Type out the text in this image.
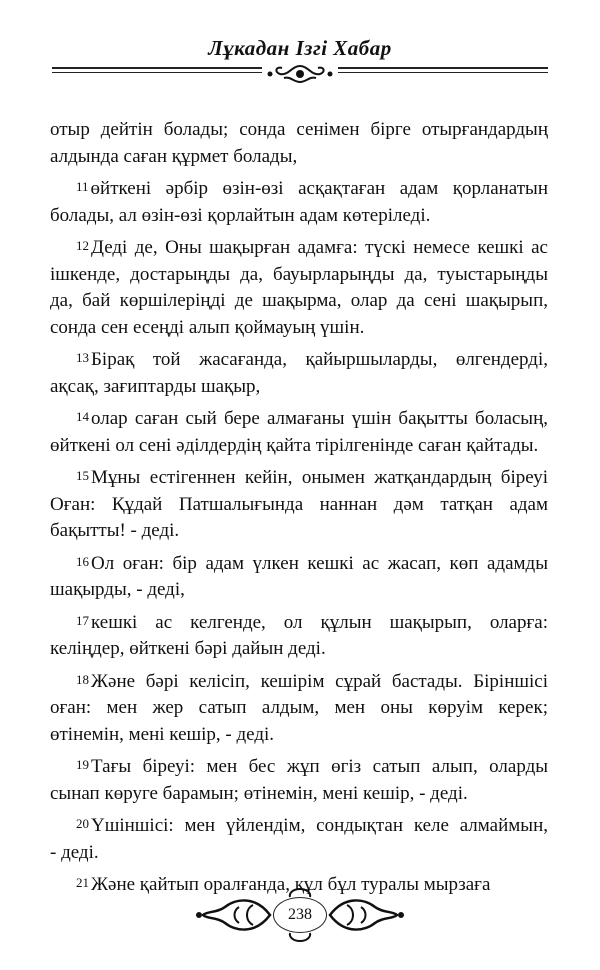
Лұкадан Ізгі Хабар
отыр дейтін болады; сонда сенімен бірге отырғандардың
алдында саған құрмет болады,
$^{11}$ өйткені әрбір өзін-өзі асқақтаған адам қорланатын
болады, ал өзін-өзі қорлайтын адам көтеріледі.
$^{12}$ Деді де, Оны шақырған адамға: түскі немесе кешкі ас
ішкенде, достарыңды да, бауырларыңды да, туыстарыңды
да, бай көршілеріңді де шақырма, олар да сені шақырып,
сонда сен есеңді алып қоймауың үшін.
$^{13}$ Бірақ той жасағанда, қайыршыларды, өлгендерді,
ақсақ, зағиптарды шақыр,
$^{14}$ олар саған сый бере алмағаны үшін бақытты боласың,
өйткені ол сені әділдердің қайта тірілгенінде саған қайтады.
$^{15}$ Мұны естігеннен кейін, онымен жатқандардың біреуі
Оған: Құдай Патшалығында наннан дәм татқан адам
бақытты! - деді.
$^{16}$ Ол оған: бір адам үлкен кешкі ас жасап, көп адамды
шақырды, - деді,
$^{17}$ кешкі ас келгенде, ол құлын шақырып, оларға:
келіңдер, өйткені бәрі дайын деді.
$^{18}$ Және бәрі келісіп, кешірім сұрай бастады. Біріншісі
оған: мен жер сатып алдым, мен оны көруім керек;
өтінемін, мені кешір, - деді.
$^{19}$ Тағы біреуі: мен бес жұп өгіз сатып алып, оларды
сынап көруге барамын; өтінемін, мені кешір, - деді.
$^{20}$ Үшіншісі: мен үйлендім, сондықтан келе алмаймын,
- деді.
$^{21}$ Және қайтып оралғанда, құл бұл туралы мырзаға
238
